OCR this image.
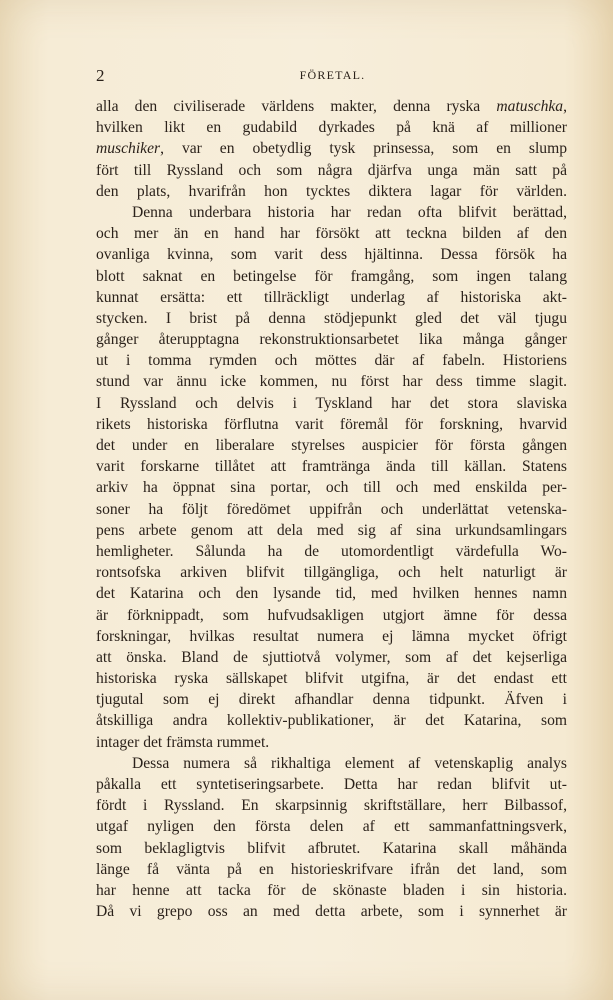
2	FÖRETAL.
alla den civiliserade världens makter, denna ryska matuschka,
hvilken likt en gudabild dyrkades på knä af millioner
muschiker, var en obetydlig tysk prinsessa, som en slump
fört till Ryssland och som några djärfva unga män satt på
den plats, hvarifrån hon tycktes diktera lagar för världen.
Denna underbara historia har redan ofta blifvit berättad,
och mer än en hand har försökt att teckna bilden af den
ovanliga kvinna, som varit dess hjältinna. Dessa försök ha
blott saknat en betingelse för framgång, som ingen talang
kunnat ersätta: ett tillräckligt underlag af historiska akt-
stycken. I brist på denna stödjepunkt gled det väl tjugu
gånger återupptagna rekonstruktionsarbetet lika många gånger
ut i tomma rymden och möttes där af fabeln. Historiens
stund var ännu icke kommen, nu först har dess timme slagit.
I Ryssland och delvis i Tyskland har det stora slaviska
rikets historiska förflutna varit föremål för forskning, hvarvid
det under en liberalare styrelses auspicier för första gången
varit forskarne tillåtet att framtränga ända till källan. Statens
arkiv ha öppnat sina portar, och till och med enskilda per-
soner ha följt föredömet uppifrån och underlättat vetenska-
pens arbete genom att dela med sig af sina urkundsamlingars
hemligheter. Sålunda ha de utomordentligt värdefulla Wo-
rontsofska arkiven blifvit tillgängliga, och helt naturligt är
det Katarina och den lysande tid, med hvilken hennes namn
är förknippadt, som hufvudsakligen utgjort ämne för dessa
forskningar, hvilkas resultat numera ej lämna mycket öfrigt
att önska. Bland de sjuttiotvå volymer, som af det kejserliga
historiska ryska sällskapet blifvit utgifna, är det endast ett
tjugutal som ej direkt afhandlar denna tidpunkt. Äfven i
åtskilliga andra kollektiv-publikationer, är det Katarina, som
intager det främsta rummet.
Dessa numera så rikhaltiga element af vetenskaplig analys
påkalla ett syntetiseringsarbete. Detta har redan blifvit ut-
fördt i Ryssland. En skarpsinnig skriftställare, herr Bilbassof,
utgaf nyligen den första delen af ett sammanfattningsverk,
som beklagligtvis blifvit afbrutet. Katarina skall måhända
länge få vänta på en historieskrifvare ifrån det land, som
har henne att tacka för de skönaste bladen i sin historia.
Då vi grepo oss an med detta arbete, som i synnerhet är
